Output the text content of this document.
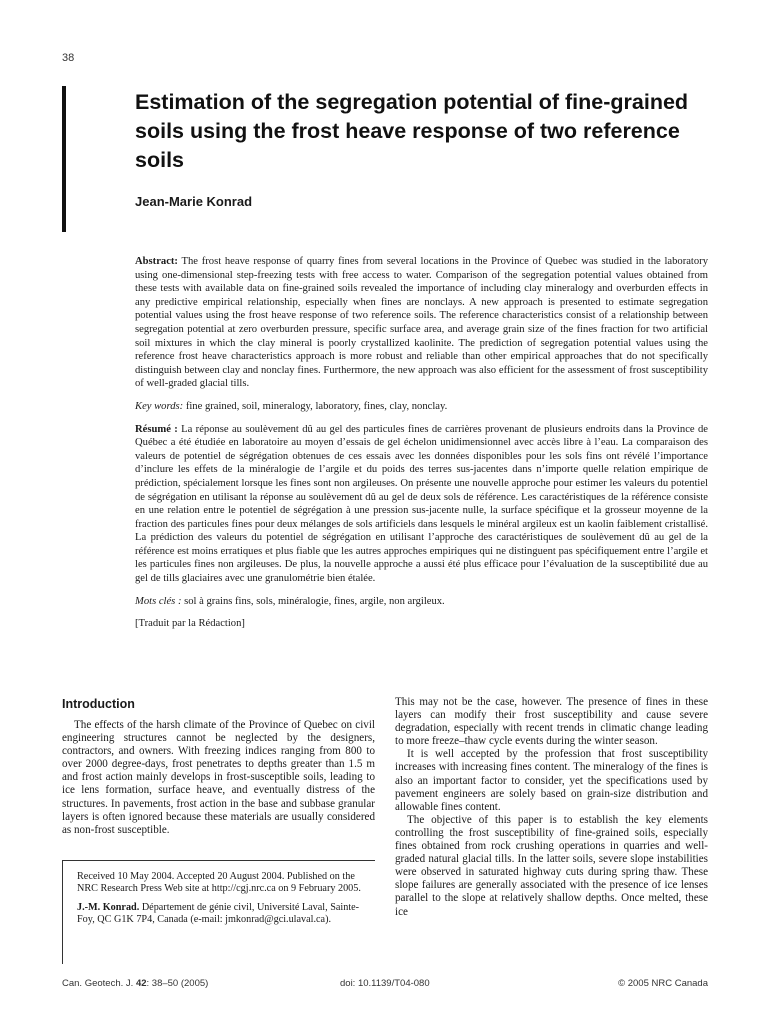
38
Estimation of the segregation potential of fine-grained soils using the frost heave response of two reference soils
Jean-Marie Konrad

Abstract: The frost heave response of quarry fines from several locations in the Province of Quebec was studied in the laboratory using one-dimensional step-freezing tests with free access to water. Comparison of the segregation potential values obtained from these tests with available data on fine-grained soils revealed the importance of including clay mineralogy and overburden effects in any predictive empirical relationship, especially when fines are nonclays. A new approach is presented to estimate segregation potential values using the frost heave response of two reference soils. The reference characteristics consist of a relationship between segregation potential at zero overburden pressure, specific surface area, and average grain size of the fines fraction for two artificial soil mixtures in which the clay mineral is poorly crystallized kaolinite. The prediction of segregation potential values using the reference frost heave characteristics approach is more robust and reliable than other empirical approaches that do not specifically distinguish between clay and nonclay fines. Furthermore, the new approach was also efficient for the assessment of frost susceptibility of well-graded glacial tills.

Key words: fine grained, soil, mineralogy, laboratory, fines, clay, nonclay.

Résumé : La réponse au soulèvement dû au gel des particules fines de carrières provenant de plusieurs endroits dans la Province de Québec a été étudiée en laboratoire au moyen d’essais de gel échelon unidimensionnel avec accès libre à l’eau. La comparaison des valeurs de potentiel de ségrégation obtenues de ces essais avec les données disponibles pour les sols fins ont révélé l’importance d’inclure les effets de la minéralogie de l’argile et du poids des terres sus-jacentes dans n’importe quelle relation empirique de prédiction, spécialement lorsque les fines sont non argileuses. On présente une nouvelle approche pour estimer les valeurs du potentiel de ségrégation en utilisant la réponse au soulèvement dû au gel de deux sols de référence. Les caractéristiques de la référence consiste en une relation entre le potentiel de ségrégation à une pression sus-jacente nulle, la surface spécifique et la grosseur moyenne de la fraction des particules fines pour deux mélanges de sols artificiels dans lesquels le minéral argileux est un kaolin faiblement cristallisé. La prédiction des valeurs du potentiel de ségrégation en utilisant l’approche des caractéristiques de soulèvement dû au gel de la référence est moins erratiques et plus fiable que les autres approches empiriques qui ne distinguent pas spécifiquement entre l’argile et les particules fines non argileuses. De plus, la nouvelle approche a aussi été plus efficace pour l’évaluation de la susceptibilité due au gel de tills glaciaires avec une granulométrie bien étalée.

Mots clés : sol à grains fins, sols, minéralogie, fines, argile, non argileux.

[Traduit par la Rédaction]

Introduction

The effects of the harsh climate of the Province of Quebec on civil engineering structures cannot be neglected by the designers, contractors, and owners. With freezing indices ranging from 800 to over 2000 degree-days, frost penetrates to depths greater than 1.5 m and frost action mainly develops in frost-susceptible soils, leading to ice lens formation, surface heave, and eventually distress of the structures. In pavements, frost action in the base and subbase granular layers is often ignored because these materials are usually considered as non-frost susceptible.

This may not be the case, however. The presence of fines in these layers can modify their frost susceptibility and cause severe degradation, especially with recent trends in climatic change leading to more freeze–thaw cycle events during the winter season.

It is well accepted by the profession that frost susceptibility increases with increasing fines content. The mineralogy of the fines is also an important factor to consider, yet the specifications used by pavement engineers are solely based on grain-size distribution and allowable fines content.

The objective of this paper is to establish the key elements controlling the frost susceptibility of fine-grained soils, especially fines obtained from rock crushing operations in quarries and well-graded natural glacial tills. In the latter soils, severe slope instabilities were observed in saturated highway cuts during spring thaw. These slope failures are generally associated with the presence of ice lenses parallel to the slope at relatively shallow depths. Once melted, these ice

Received 10 May 2004. Accepted 20 August 2004. Published on the NRC Research Press Web site at http://cgj.nrc.ca on 9 February 2005.

J.-M. Konrad. Département de génie civil, Université Laval, Sainte-Foy, QC G1K 7P4, Canada (e-mail: jmkonrad@gci.ulaval.ca).

Can. Geotech. J. 42: 38–50 (2005)	doi: 10.1139/T04-080	© 2005 NRC Canada
